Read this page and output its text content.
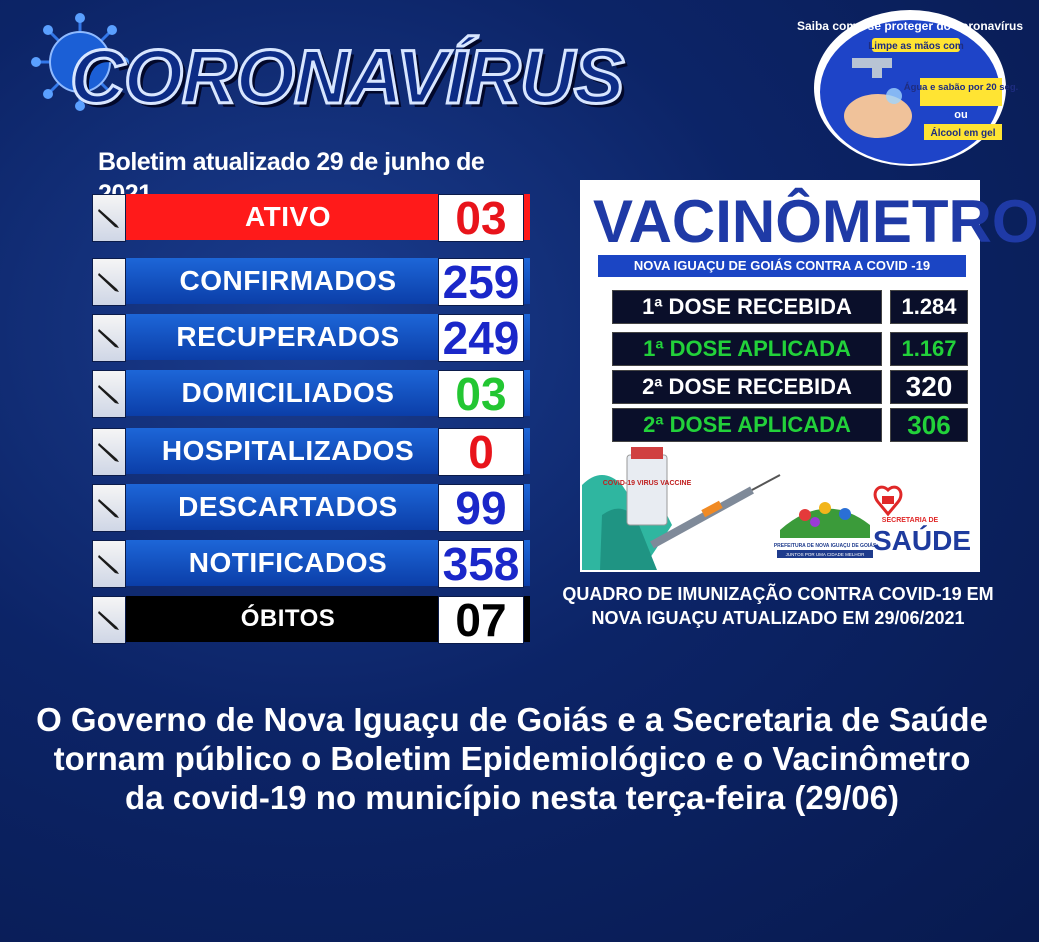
CORONAVÍRUS
Boletim atualizado 29 de junho de
ATIVO	03
CONFIRMADOS 259
RECUPERADOS 249
DOMICILIADOS	03
HOSPITALIZADOS	0
DESCARTADOS	99
NOTIFICADOS 358
ÓBITOS	07
VACINÔMETRO
NOVA IGUAÇU DE GOIÁS CONTRA A COVID -19
1ª DOSE RECEBIDA	1.284
1ª DOSE APLICADA	1.167
2ª DOSE RECEBIDA	320
2ª DOSE APLICADA	306
COVID-19 VIRUS VACCINE
PREFEITURA DE NOVA IGUAÇU DE GOIÁS
JUNTOS POR UMA CIDADE MELHOR
SECRETARIA DE
SAÚDE
QUADRO DE IMUNIZAÇÃO CONTRA COVID-19 EM NOVA IGUAÇU ATUALIZADO EM 29/06/2021
Saiba como se proteger do coronavírus
Limpe as mãos com
Água e sabão por 20 seg.
ou
Álcool em gel
O Governo de Nova Iguaçu de Goiás e a Secretaria de Saúde tornam público o Boletim Epidemiológico e o Vacinômetro da covid-19 no município nesta terça-feira (29/06)
